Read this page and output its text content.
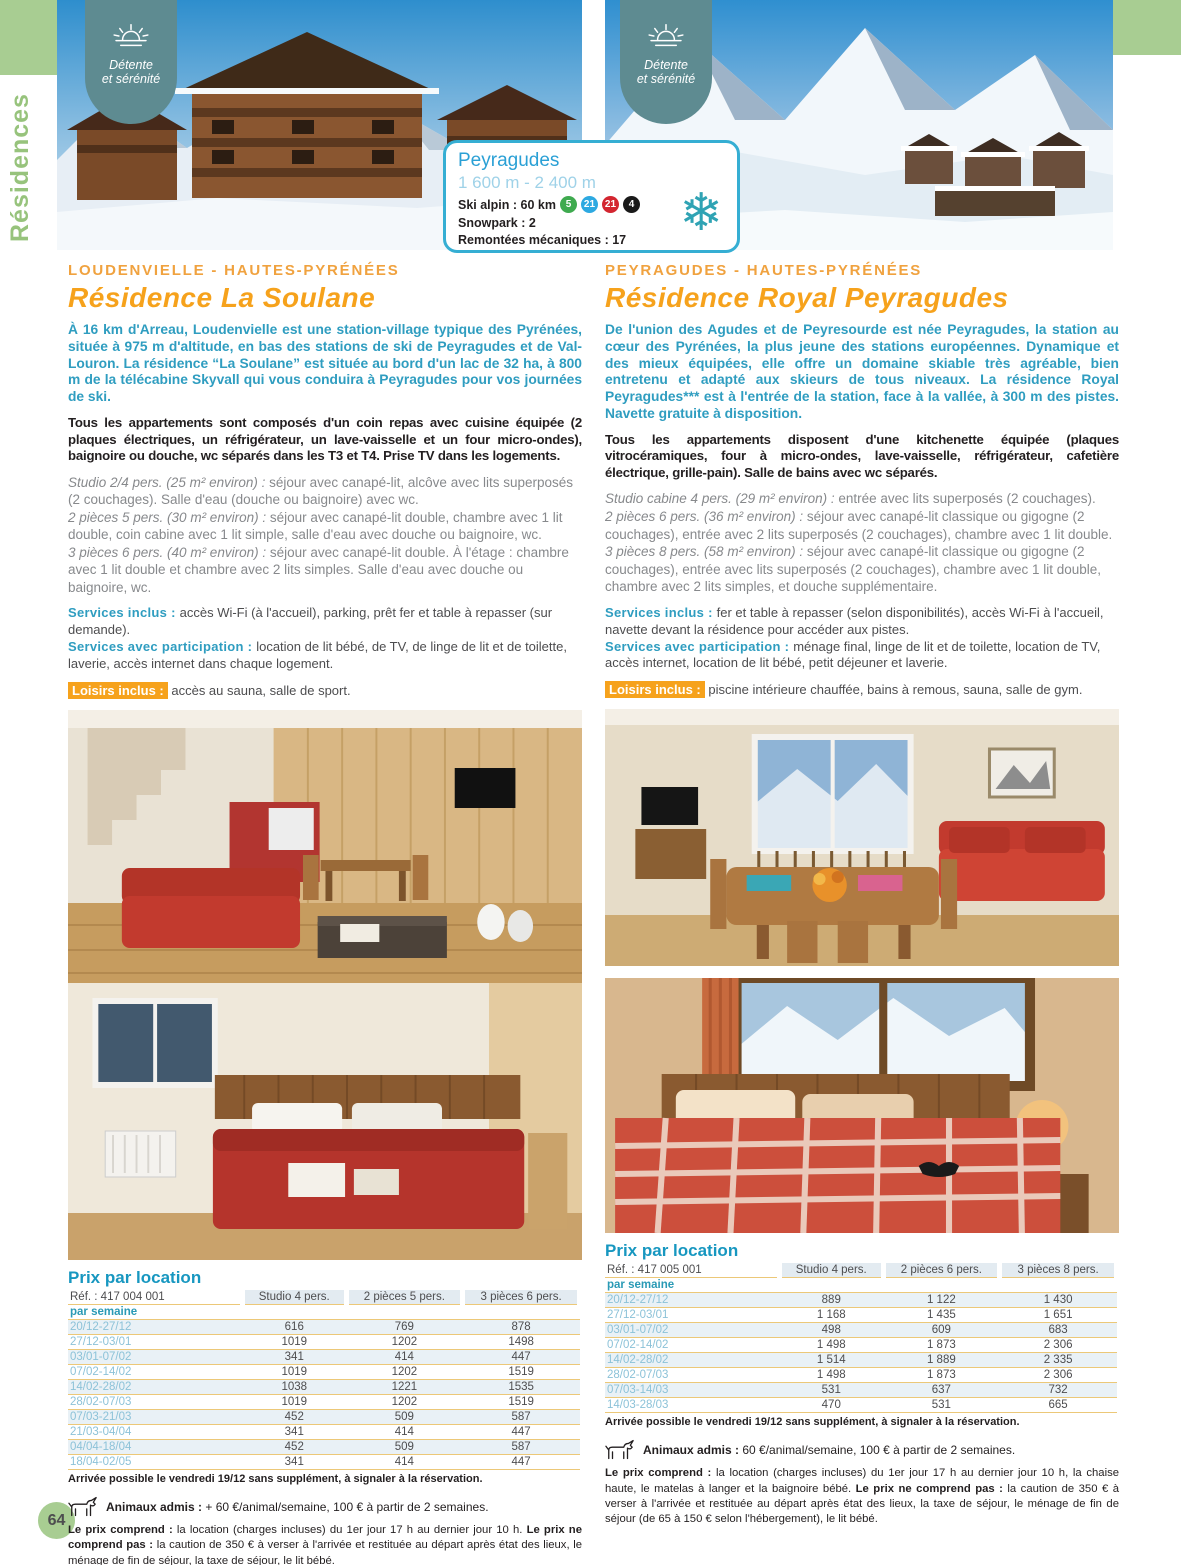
Résidences
64
Détente
et sérénité
Détente
et sérénité
Peyragudes
1 600 m - 2 400 m
Ski alpin : 60 km 5	21 21	4
Snowpark : 2
Remontées mécaniques : 17	❄
LOUDENVIELLE - HAUTES-PYRÉNÉES
Résidence La Soulane
À 16 km d'Arreau, Loudenvielle est une station-village typique des Pyrénées, située à 975 m d'altitude, en bas des stations de ski de Peyragudes et de Val-Louron. La résidence “La Soulane” est située au bord d'un lac de 32 ha, à 800 m de la télécabine Skyvall qui vous conduira à Peyragudes pour vos journées de ski.
Tous les appartements sont composés d'un coin repas avec cuisine équipée (2 plaques électriques, un réfrigérateur, un lave-vaisselle et un four micro-ondes), baignoire ou douche, wc séparés dans les T3 et T4. Prise TV dans les logements.
Studio 2/4 pers. (25 m² environ) : séjour avec canapé-lit, alcôve avec lits superposés (2 couchages). Salle d'eau (douche ou baignoire) avec wc.
2 pièces 5 pers. (30 m² environ) : séjour avec canapé-lit double, chambre avec 1 lit double, coin cabine avec 1 lit simple, salle d'eau avec douche ou baignoire, wc.
3 pièces 6 pers. (40 m² environ) : séjour avec canapé-lit double. À l'étage : chambre avec 1 lit double et chambre avec 2 lits simples. Salle d'eau avec douche ou baignoire, wc.
Services inclus : accès Wi-Fi (à l'accueil), parking, prêt fer et table à repasser (sur demande).
Services avec participation : location de lit bébé, de TV, de linge de lit et de toilette, laverie, accès internet dans chaque logement.
Loisirs inclus : accès au sauna, salle de sport.
Prix par location
Réf. : 417 004 001	Studio 4 pers.	2 pièces 5 pers.	3 pièces 6 pers.
par semaine			
20/12-27/12	616	769	878
27/12-03/01	1019	1202	1498
03/01-07/02	341	414	447
07/02-14/02	1019	1202	1519
14/02-28/02	1038	1221	1535
28/02-07/03	1019	1202	1519
07/03-21/03	452	509	587
21/03-04/04	341	414	447
04/04-18/04	452	509	587
18/04-02/05	341	414	447
Arrivée possible le vendredi 19/12 sans supplément, à signaler à la réservation.
Animaux admis : + 60 €/animal/semaine, 100 € à partir de 2 semaines.
Le prix comprend : la location (charges incluses) du 1er jour 17 h au dernier jour 10 h. Le prix ne comprend pas : la caution de 350 € à verser à l'arrivée et restituée au départ après état des lieux, le ménage de fin de séjour, la taxe de séjour, le lit bébé.
PEYRAGUDES - HAUTES-PYRÉNÉES
Résidence Royal Peyragudes
De l'union des Agudes et de Peyresourde est née Peyragudes, la station au cœur des Pyrénées, la plus jeune des stations européennes. Dynamique et des mieux équipées, elle offre un domaine skiable très agréable, bien entretenu et adapté aux skieurs de tous niveaux. La résidence Royal Peyragudes*** est à l'entrée de la station, face à la vallée, à 300 m des pistes. Navette gratuite à disposition.
Tous les appartements disposent d'une kitchenette équipée (plaques vitrocéramiques, four à micro-ondes, lave-vaisselle, réfrigérateur, cafetière électrique, grille-pain). Salle de bains avec wc séparés.
Studio cabine 4 pers. (29 m² environ) : entrée avec lits superposés (2 couchages).
2 pièces 6 pers. (36 m² environ) : séjour avec canapé-lit classique ou gigogne (2 couchages), entrée avec 2 lits superposés (2 couchages), chambre avec 1 lit double.
3 pièces 8 pers. (58 m² environ) : séjour avec canapé-lit classique ou gigogne (2 couchages), entrée avec lits superposés (2 couchages), chambre avec 1 lit double, chambre avec 2 lits simples, et douche supplémentaire.
Services inclus : fer et table à repasser (selon disponibilités), accès Wi-Fi à l'accueil, navette devant la résidence pour accéder aux pistes.
Services avec participation : ménage final, linge de lit et de toilette, location de TV, accès internet, location de lit bébé, petit déjeuner et laverie.
Loisirs inclus : piscine intérieure chauffée, bains à remous, sauna, salle de gym.
Prix par location
Réf. : 417 005 001	Studio 4 pers.	2 pièces 6 pers.	3 pièces 8 pers.
par semaine			
20/12-27/12	889	1 122	1 430
27/12-03/01	1 168	1 435	1 651
03/01-07/02	498	609	683
07/02-14/02	1 498	1 873	2 306
14/02-28/02	1 514	1 889	2 335
28/02-07/03	1 498	1 873	2 306
07/03-14/03	531	637	732
14/03-28/03	470	531	665
Arrivée possible le vendredi 19/12 sans supplément, à signaler à la réservation.
Animaux admis : 60 €/animal/semaine, 100 € à partir de 2 semaines.
Le prix comprend : la location (charges incluses) du 1er jour 17 h au dernier jour 10 h, la chaise haute, le matelas à langer et la baignoire bébé. Le prix ne comprend pas : la caution de 350 € à verser à l'arrivée et restituée au départ après état des lieux, la taxe de séjour, le ménage de fin de séjour (de 65 à 150 € selon l'hébergement), le lit bébé.
